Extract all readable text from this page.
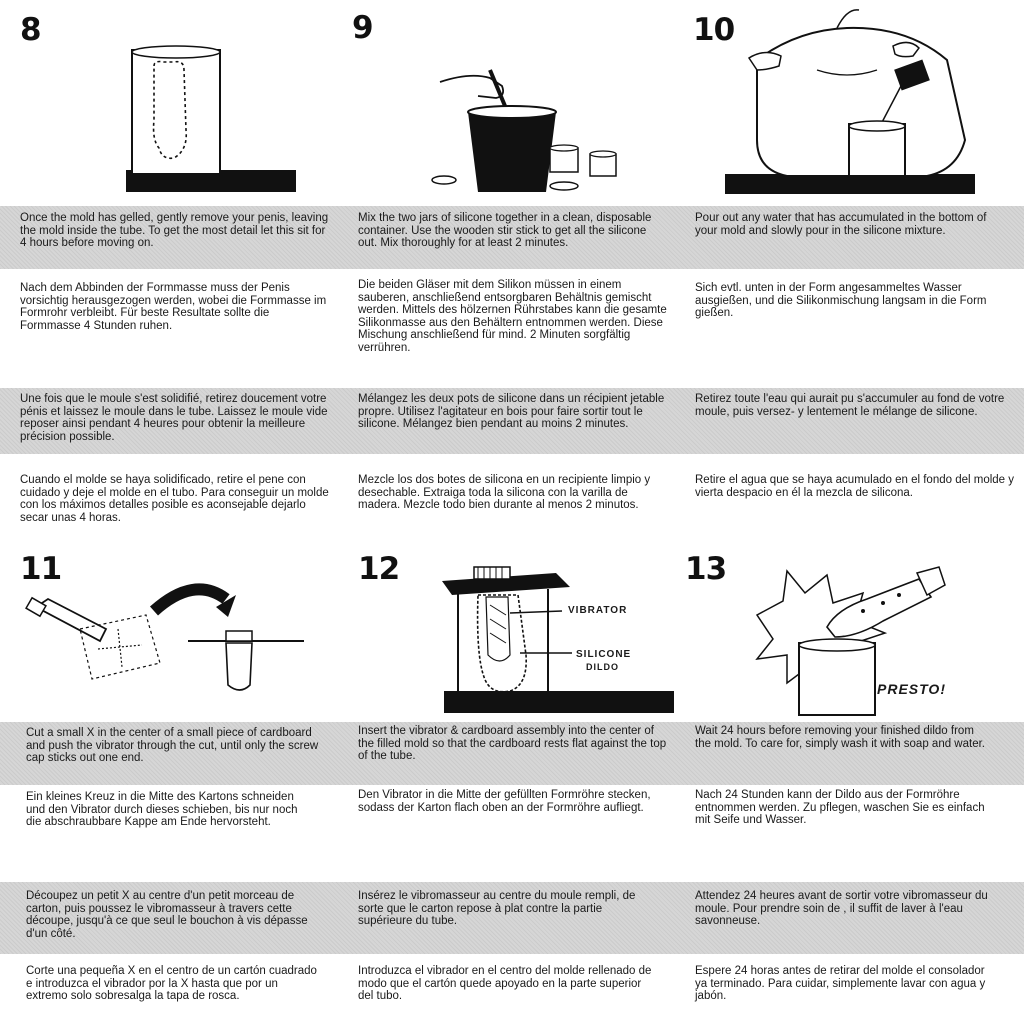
8
Once the mold has gelled, gently remove your penis, leaving the mold inside the tube. To get the most detail let this sit for 4 hours before moving on.
Nach dem Abbinden der Formmasse muss der Penis vorsichtig herausgezogen werden, wobei die Formmasse im Formrohr verbleibt. Für beste Resultate sollte die Formmasse 4 Stunden ruhen.
Une fois que le moule s'est solidifié, retirez doucement votre pénis et laissez le moule dans le tube. Laissez le moule vide reposer ainsi pendant 4 heures pour obtenir la meilleure précision possible.
Cuando el molde se haya solidificado, retire el pene con cuidado y deje el molde en el tubo. Para conseguir un molde con los máximos detalles posible es aconsejable dejarlo secar unas 4 horas.
9
Mix the two jars of silicone together in a clean, disposable container. Use the wooden stir stick to get all the silicone out. Mix thoroughly for at least 2 minutes.
Die beiden Gläser mit dem Silikon müssen in einem sauberen, anschließend entsorgbaren Behältnis gemischt werden. Mittels des hölzernen Rührstabes kann die gesamte Silikonmasse aus den Behältern entnommen werden. Diese Mischung anschließend für mind. 2 Minuten sorgfältig verrühren.
Mélangez les deux pots de silicone dans un récipient jetable propre. Utilisez l'agitateur en bois pour faire sortir tout le silicone. Mélangez bien pendant au moins 2 minutes.
Mezcle los dos botes de silicona en un recipiente limpio y desechable. Extraiga toda la silicona con la varilla de madera. Mezcle todo bien durante al menos 2 minutos.
10
Pour out any water that has accumulated in the bottom of your mold and slowly pour in the silicone mixture.
Sich evtl. unten in der Form angesammeltes Wasser ausgießen, und die Silikonmischung langsam in die Form gießen.
Retirez toute l'eau qui aurait pu s'accumuler au fond de votre moule, puis versez- y lentement le mélange de silicone.
Retire el agua que se haya acumulado en el fondo del molde y vierta despacio en él la mezcla de silicona.
11
Cut a small X in the center of a small piece of cardboard and push the vibrator through the cut, until only the screw cap sticks out one end.
Ein kleines Kreuz in die Mitte des Kartons schneiden und den Vibrator durch dieses schieben, bis nur noch die abschraubbare Kappe am Ende hervorsteht.
Découpez un petit X au centre d'un petit morceau de carton, puis poussez le vibromasseur à travers cette découpe, jusqu'à ce que seul le bouchon à vis dépasse d'un côté.
Corte una pequeña X en el centro de un cartón cuadrado e introduzca el vibrador por la X hasta que por un extremo solo sobresalga la tapa de rosca.
12
VIBRATOR
SILICONE
DILDO
Insert the vibrator & cardboard assembly into the center of the filled mold so that the cardboard rests flat against the top of the tube.
Den Vibrator in die Mitte der gefüllten Formröhre stecken, sodass der Karton flach oben an der Formröhre aufliegt.
Insérez le vibromasseur au centre du moule rempli, de sorte que le carton repose à plat contre la partie supérieure du tube.
Introduzca el vibrador en el centro del molde rellenado de modo que el cartón quede apoyado en la parte superior del tubo.
13
PRESTO!
Wait 24 hours before removing your finished dildo from the mold. To care for, simply wash it with soap and water.
Nach 24 Stunden kann der Dildo aus der Formröhre entnommen werden. Zu pflegen, waschen Sie es einfach mit Seife und Wasser.
Attendez 24 heures avant de sortir votre vibromasseur du moule. Pour prendre soin de , il suffit de laver à l'eau savonneuse.
Espere 24 horas antes de retirar del molde el consolador ya terminado. Para cuidar, simplemente lavar con agua y jabón.
